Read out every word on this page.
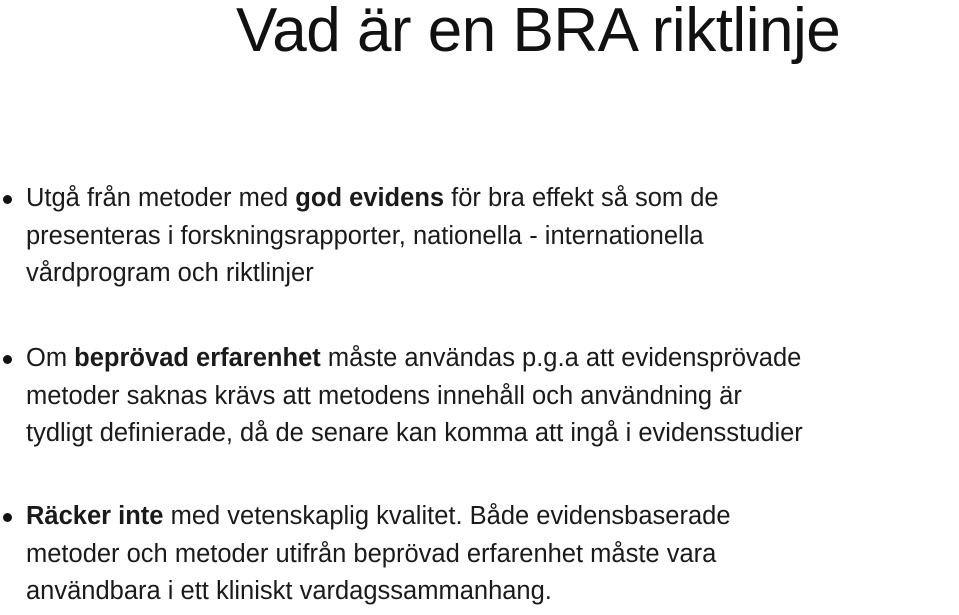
Vad är en BRA riktlinje
Utgå från metoder med god evidens för bra effekt så som de
presenteras i forskningsrapporter, nationella - internationella
vårdprogram och riktlinjer
Om beprövad erfarenhet måste användas p.g.a att evidensprövade
metoder saknas krävs att metodens innehåll och användning är
tydligt definierade, då de senare kan komma att ingå i evidensstudier
Räcker inte med vetenskaplig kvalitet. Både evidensbaserade
metoder och metoder utifrån beprövad erfarenhet måste vara
användbara i ett kliniskt vardagssammanhang.
